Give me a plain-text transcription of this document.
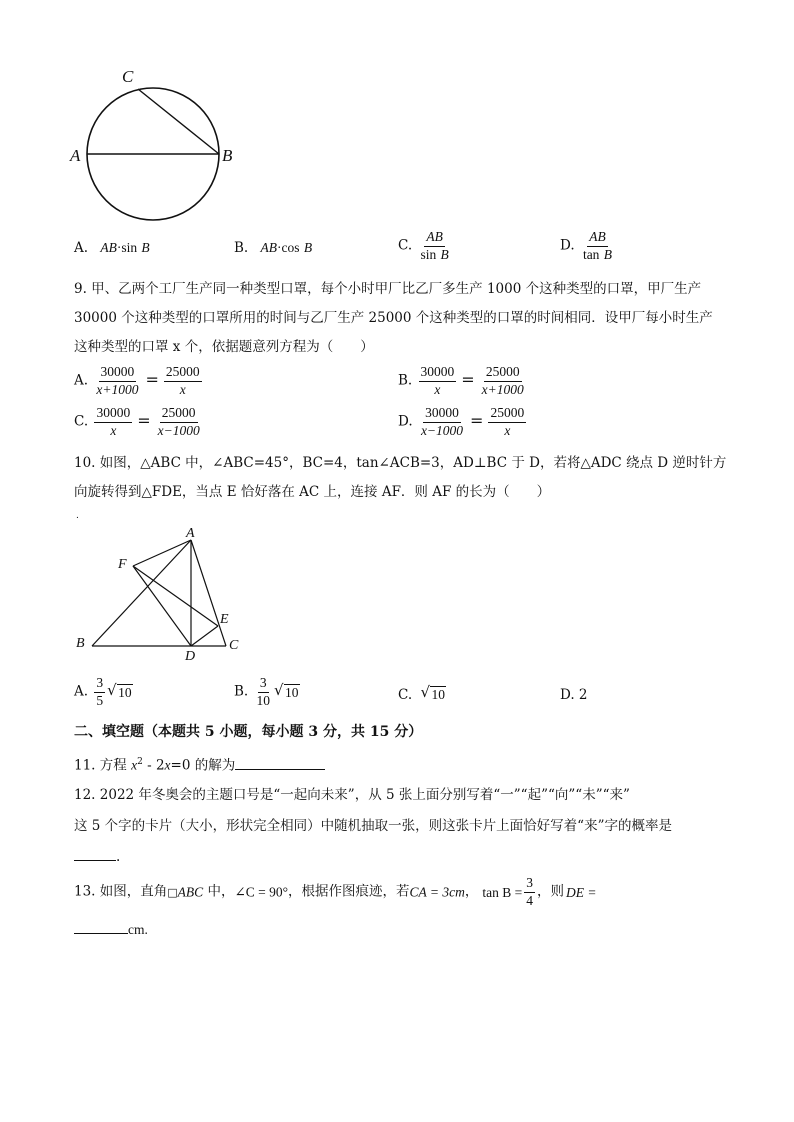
C
A	B
A. AB·sin B	B. AB·cos B	C. $\frac{AB}{\text{sin B}}$	D. $\frac{AB}{\text{tan B}}$
9. 甲、乙两个工厂生产同一种类型口罩，每个小时甲厂比乙厂多生产 1000 个这种类型的口罩，甲厂生产
30000 个这种类型的口罩所用的时间与乙厂生产 25000 个这种类型的口罩的时间相同．设甲厂每小时生产
这种类型的口罩 x 个，依据题意列方程为（　　）
A. $\frac{30000}{x+1000} = \frac{25000}{x}$	B. $\frac{30000}{x} = \frac{25000}{x+1000}$
C. $\frac{30000}{x} = \frac{25000}{x-1000}$	D. $\frac{30000}{x-1000} = \frac{25000}{x}$
10. 如图，△ABC 中，∠ABC=45°，BC=4，tan∠ACB=3，AD⊥BC 于 D，若将△ADC 绕点 D 逆时针方
向旋转得到△FDE，当点 E 恰好落在 AC 上，连接 AF．则 AF 的长为（　　）
.
A
F
E
B
D
C
A. $\frac{3}{5}$ √ 10	B. $\frac{3}{10}$ √ 10	C. √ 10	D. 2
二、填空题（本题共 5 小题，每小题 3 分，共 15 分）
11. 方程 $x^2 - 2x=0$ 的解为
12. 2022 年冬奥会的主题口号是“一起向未来”，从 5 张上面分别写着“一”“起”“向”“未”“来”
这 5 个字的卡片（大小，形状完全相同）中随机抽取一张，则这张卡片上面恰好写着“来”字的概率是
.
13. 如图，直角□ABC 中，∠C = 90°，根据作图痕迹，若CA = 3cm， $\tan B = \frac{3}{4}$ ，则 DE =
cm.
